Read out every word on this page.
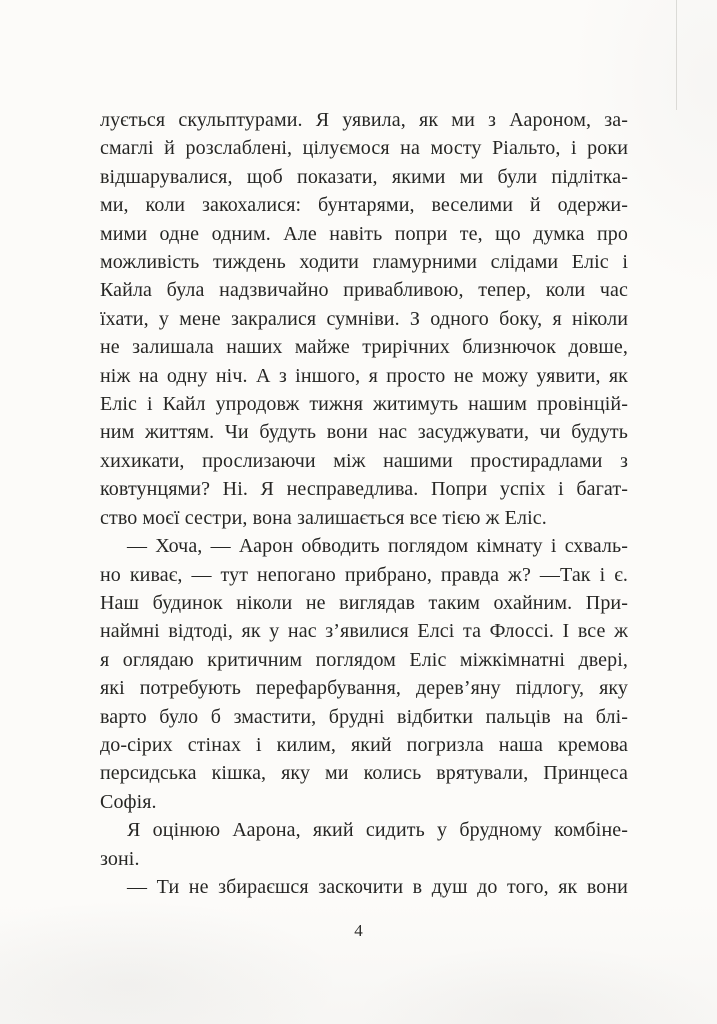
лується скульптурами. Я уявила, як ми з Аароном, за-
смаглі й розслаблені, цілуємося на мосту Ріальто, і роки
відшарувалися, щоб показати, якими ми були підлітка-
ми, коли закохалися: бунтарями, веселими й одержи-
мими одне одним. Але навіть попри те, що думка про
можливість тиждень ходити гламурними слідами Еліс і
Кайла була надзвичайно привабливою, тепер, коли час
їхати, у мене закралися сумніви. З одного боку, я ніколи
не залишала наших майже трирічних близнючок довше,
ніж на одну ніч. А з іншого, я просто не можу уявити, як
Еліс і Кайл упродовж тижня житимуть нашим провінцій-
ним життям. Чи будуть вони нас засуджувати, чи будуть
хихикати, прослизаючи між нашими простирадлами з
ковтунцями? Ні. Я несправедлива. Попри успіх і багат-
ство моєї сестри, вона залишається все тією ж Еліс.
— Хоча, — Аарон обводить поглядом кімнату і схваль-
но киває, — тут непогано прибрано, правда ж? —Так і є.
Наш будинок ніколи не виглядав таким охайним. При-
наймні відтоді, як у нас з’явилися Елсі та Флоссі. І все ж
я оглядаю критичним поглядом Еліс міжкімнатні двері,
які потребують перефарбування, дерев’яну підлогу, яку
варто було б змастити, брудні відбитки пальців на блі-
до-сірих стінах і килим, який погризла наша кремова
персидська кішка, яку ми колись врятували, Принцеса
Софія.
Я оцінюю Аарона, який сидить у брудному комбіне-
зоні.
— Ти не збираєшся заскочити в душ до того, як вони
4
